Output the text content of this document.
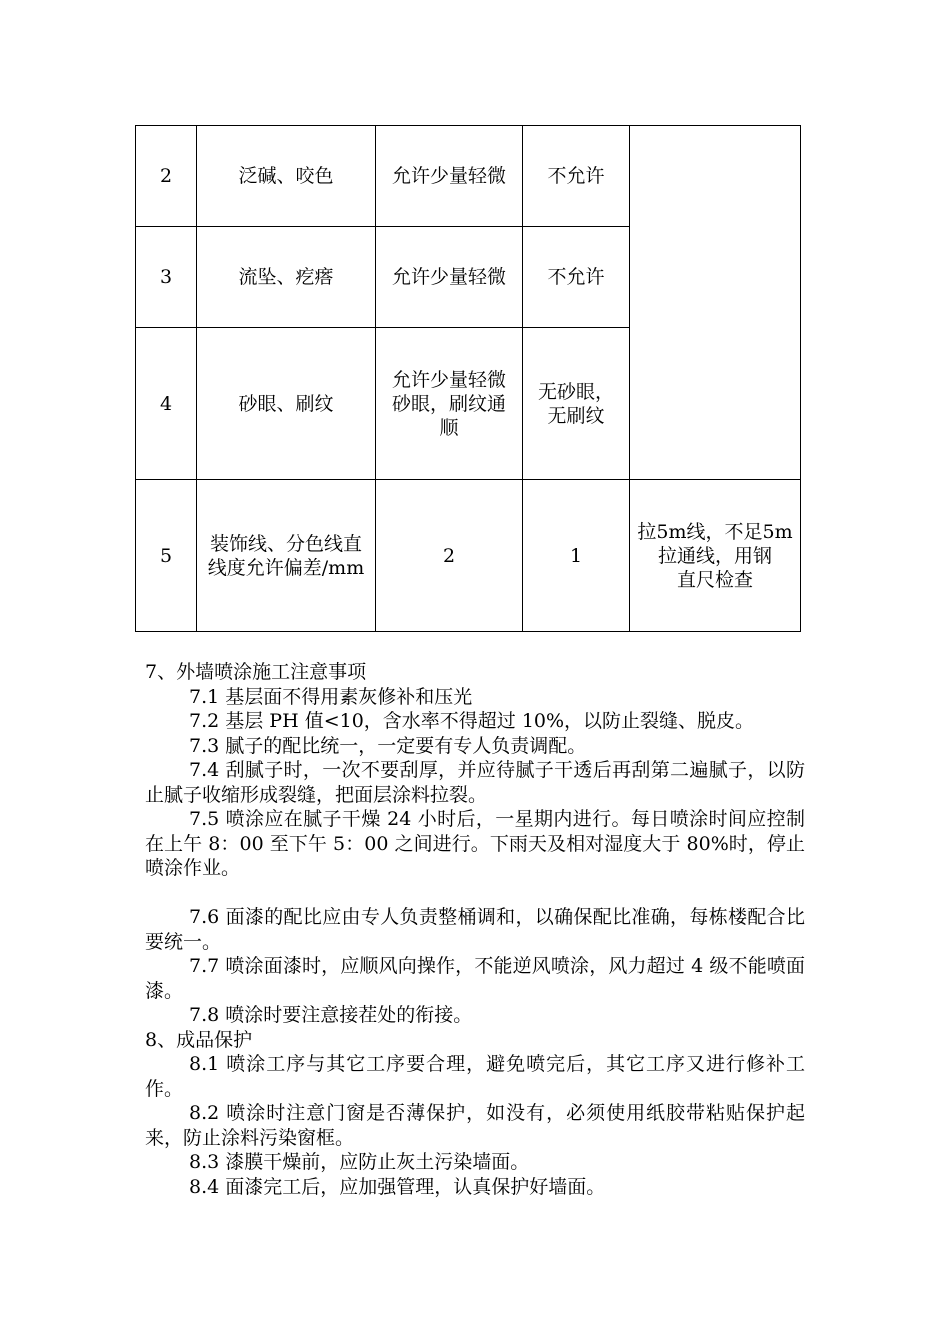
2	泛碱、咬色	允许少量轻微	不允许	

3	流坠、疙瘩	允许少量轻微	不允许	

4	砂眼、刷纹	允许少量轻微
砂眼，刷纹通
顺	无砂眼，
无刷纹	

5	装饰线、分色线直
线度允许偏差/mm	2	1	拉5m线，不足5m
拉通线，用钢
直尺检查

7、外墙喷涂施工注意事项

7.1 基层面不得用素灰修补和压光

7.2 基层 PH 值<10，含水率不得超过 10%，以防止裂缝、脱皮。

7.3 腻子的配比统一，一定要有专人负责调配。

7.4 刮腻子时，一次不要刮厚，并应待腻子干透后再刮第二遍腻子，以防止腻子收缩形成裂缝，把面层涂料拉裂。

7.5 喷涂应在腻子干燥 24 小时后，一星期内进行。每日喷涂时间应控制在上午 8：00 至下午 5：00 之间进行。下雨天及相对湿度大于 80%时，停止喷涂作业。

7.6 面漆的配比应由专人负责整桶调和，以确保配比准确，每栋楼配合比要统一。

7.7 喷涂面漆时，应顺风向操作，不能逆风喷涂，风力超过 4 级不能喷面漆。

7.8 喷涂时要注意接茬处的衔接。

8、成品保护

8.1 喷涂工序与其它工序要合理，避免喷完后，其它工序又进行修补工作。

8.2 喷涂时注意门窗是否薄保护，如没有，必须使用纸胶带粘贴保护起来，防止涂料污染窗框。

8.3 漆膜干燥前，应防止灰土污染墙面。

8.4 面漆完工后，应加强管理，认真保护好墙面。
